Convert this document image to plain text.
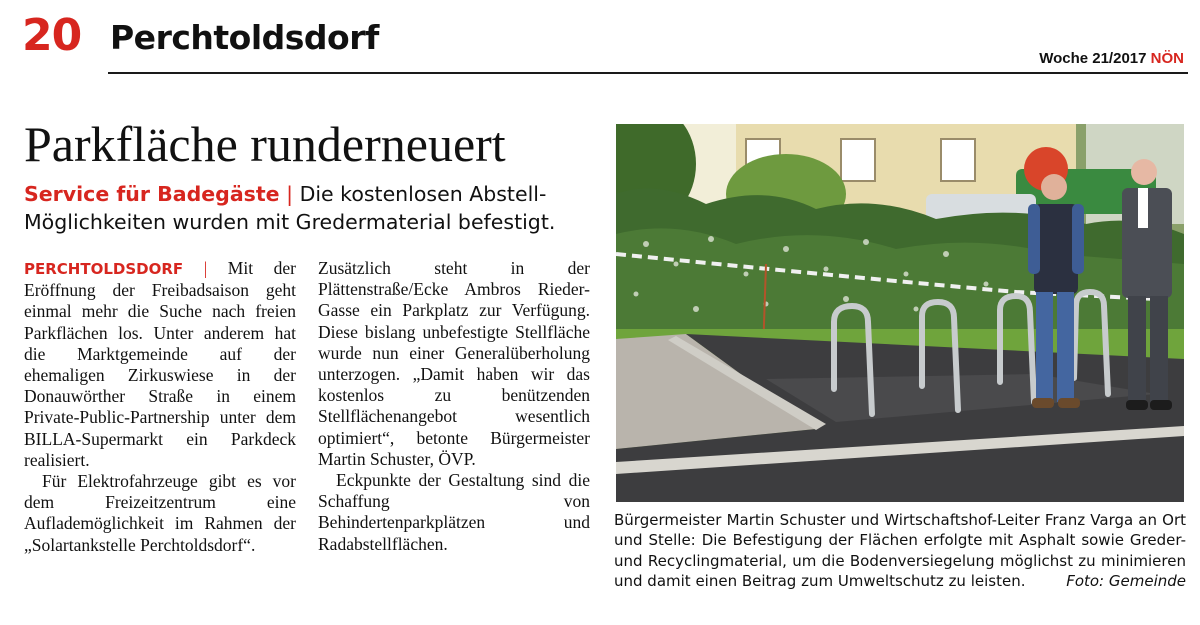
20 Perchtoldsdorf
Woche 21/2017 NÖN
Parkfläche runderneuert
Service für Badegäste | Die kostenlosen Abstell-Möglichkeiten wurden mit Gredermaterial befestigt.

PERCHTOLDSDORF | Mit der Eröffnung der Freibadsaison geht einmal mehr die Suche nach freien Parkflächen los. Unter anderem hat die Marktgemeinde auf der ehemaligen Zirkuswiese in der Donauwörther Straße in einem Private-Public-Partnership unter dem BILLA-Supermarkt ein Parkdeck realisiert.

Für Elektrofahrzeuge gibt es vor dem Freizeitzentrum eine Auflademöglichkeit im Rahmen der „Solartankstelle Perchtoldsdorf“.

Zusätzlich steht in der Plättenstraße/Ecke Ambros Rieder-Gasse ein Parkplatz zur Verfügung. Diese bislang unbefestigte Stellfläche wurde nun einer Generalüberholung unterzogen. „Damit haben wir das kostenlos zu benützenden Stellflächenangebot wesentlich optimiert“, betonte Bürgermeister Martin Schuster, ÖVP.

Eckpunkte der Gestaltung sind die Schaffung von Behindertenparkplätzen und Radabstellflächen.

Bürgermeister Martin Schuster und Wirtschaftshof-Leiter Franz Varga an Ort und Stelle: Die Befestigung der Flächen erfolgte mit Asphalt sowie Greder- und Recyclingmaterial, um die Bodenversiegelung möglichst zu minimieren und damit einen Beitrag zum Umweltschutz zu leisten.	Foto: Gemeinde
